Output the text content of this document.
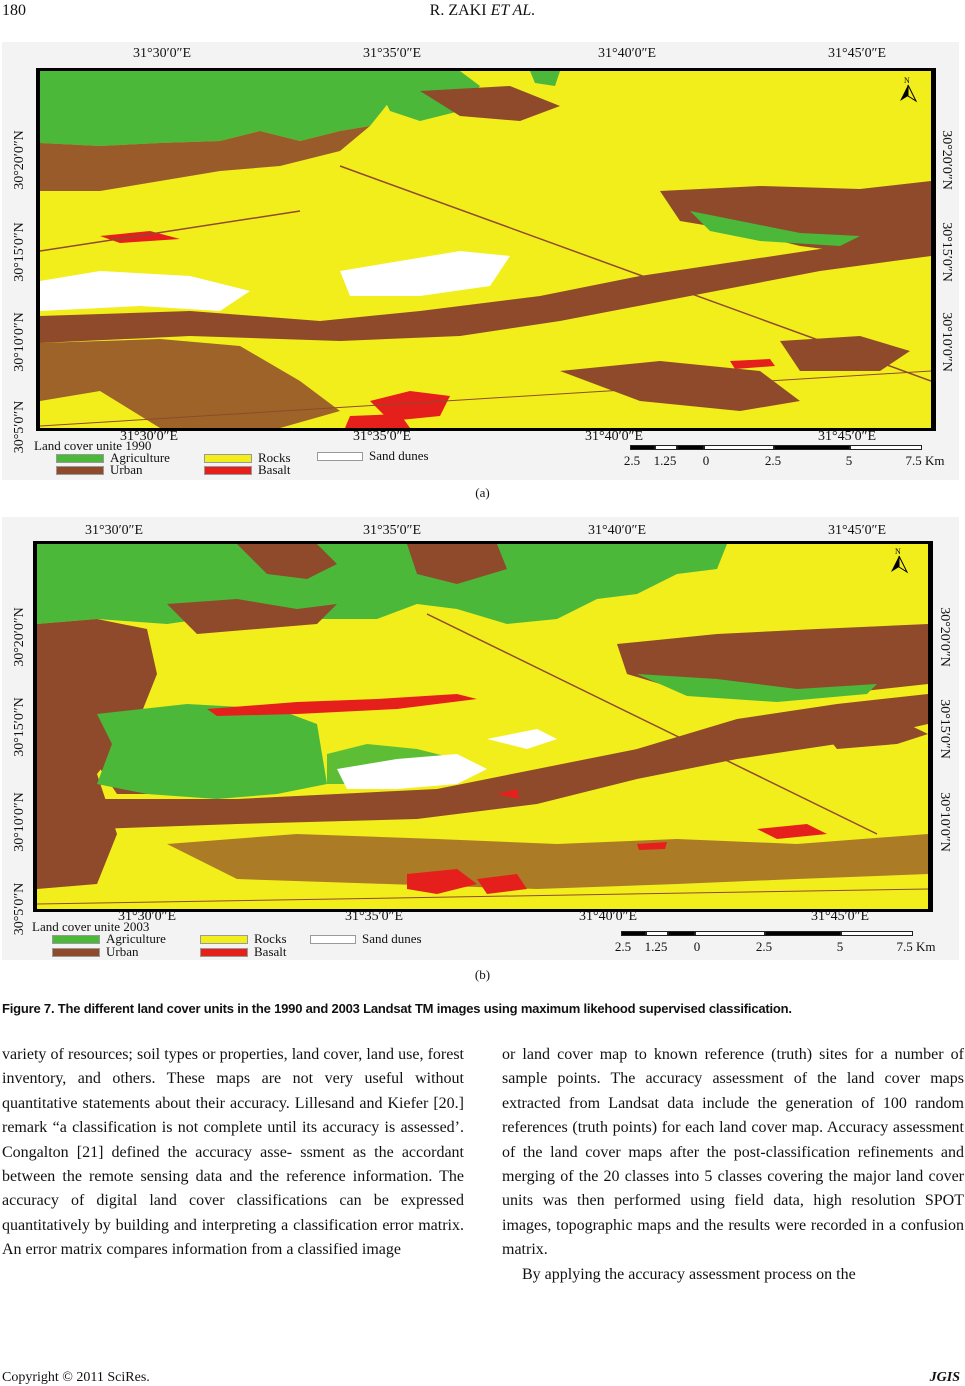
180	R. ZAKI ET AL.
31°30′0″E	31°35′0″E	31°40′0″E	31°45′0″E
30°20′0″N
30°15′0″N
30°10′0″N
30°5′0″N
30°20′0″N
30°15′0″N
30°10′0″N
N
31°30′0″E	31°35′0″E	31°40′0″E	31°45′0″E
Land cover unite 1990
Agriculture
Urban
Rocks
Basalt
Sand dunes	2.5 1.25 0	2.5	5	7.5 Km
(a)
31°30′0″E	31°35′0″E	31°40′0″E	31°45′0″E
30°20′0″N
30°15′0″N
30°10′0″N
30°5′0″N
30°20′0″N
30°15′0″N
30°10′0″N
N
31°30′0″E	31°35′0″E	31°40′0″E	31°45′0″E
Land cover unite 2003
Agriculture
Urban
Rocks
Basalt
Sand dunes
2.5 1.25 0	2.5	5	7.5 Km
(b)
Figure 7. The different land cover units in the 1990 and 2003 Landsat TM images using maximum likehood supervised classification.

variety of resources; soil types or properties, land cover, land use, forest inventory, and others. These maps are not very useful without quantitative statements about their accuracy. Lillesand and Kiefer [20.] remark “a classification is not complete until its accuracy is assessed’. Congalton [21] defined the accuracy asse- ssment as the accordant between the remote sensing data and the reference information. The accuracy of digital land cover classifications can be expressed quantitatively by building and interpreting a classification error matrix. An error matrix compares information from a classified image

or land cover map to known reference (truth) sites for a number of sample points. The accuracy assessment of the land cover maps extracted from Landsat data include the generation of 100 random references (truth points) for each land cover map. Accuracy assessment of the land cover maps after the post-classification refinements and merging of the 20 classes into 5 classes covering the major land cover units was then performed using field data, high resolution SPOT images, topographic maps and the results were recorded in a confusion matrix.

By applying the accuracy assessment process on the

Copyright © 2011 SciRes.	JGIS
